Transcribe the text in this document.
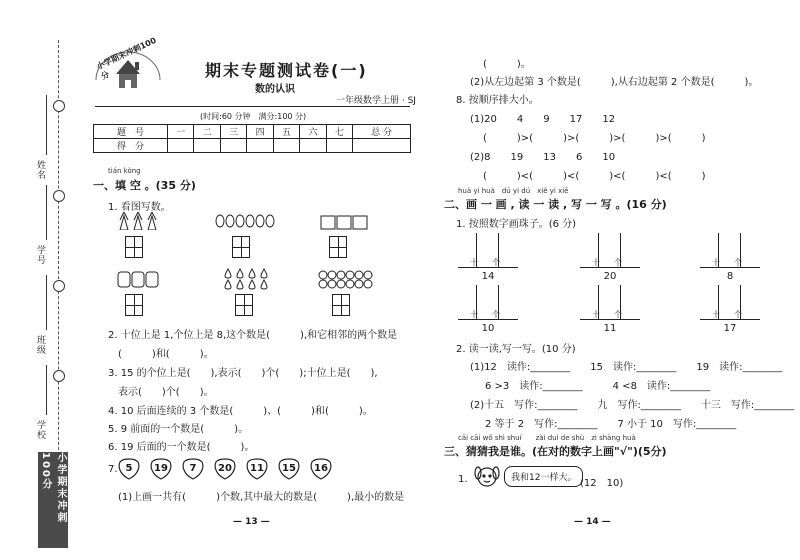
姓名
学号
班级
学校
小学期末冲刺100分
小学期末冲刺100分	期末专题测试卷(一)
数的认识
一年级数学上册 · SJ
(时间:60 分钟　满分:100 分)
题　号	一	二	三	四	五	六	七	总 分
得　分								
tián kòng
一、填 空 。(35 分)
1. 看图写数。
2. 十位上是 1,个位上是 8,这个数是(　　　),和它相邻的两个数是
(　　　)和(　　　)。
3. 15 的个位上是(　　),表示(　　)个(　　);十位上是(　　),
表示(　　)个(　　)。
4. 10 后面连续的 3 个数是(　　　)、(　　　)和(　　　)。
5. 9 前面的一个数是(　　　)。
6. 19 后面的一个数是(　　　)。
7. 5	19	7	20	11	15	16
(1)上画一共有(　　　)个数,其中最大的数是(　　　),最小的数是
— 13 —
(　　　)。
(2)从左边起第 3 个数是(　　　),从右边起第 2 个数是(　　　)。
8. 按顺序排大小。
(1)20　　4　　9　　17　　12
(　　　)>(　　　)>(　　　)>(　　　)>(　　　)
(2)8　　19　　13　　6　　10
(　　　)<(　　　)<(　　　)<(　　　)<(　　　)
huà yi huà　dú yi dú　xiě yi xiě
二、画 一 画 , 读 一 读 , 写 一 写 。(16 分)
1. 按照数字画珠子。(6 分)
十 个
14
十 个
20
十 个
8
十 个
10
十 个
11
十 个
17
2. 读一读,写一写。(10 分)
(1)12　读作:________　　15　读作:________　　19　读作:________
6 >3　读作:________　　　4 <8　读作:________
(2)十五　写作:________　　九　写作:________　　十三　写作:________
2 等于 2　写作:________　　7 小于 10　写作:________
cāi cāi wǒ shì shuí　　zài duì de shù　zì shàng huà
三、猜猜我是谁。(在对的数字上画"√")(5分)
1.	我和12一样大。 (12　10)
— 14 —
